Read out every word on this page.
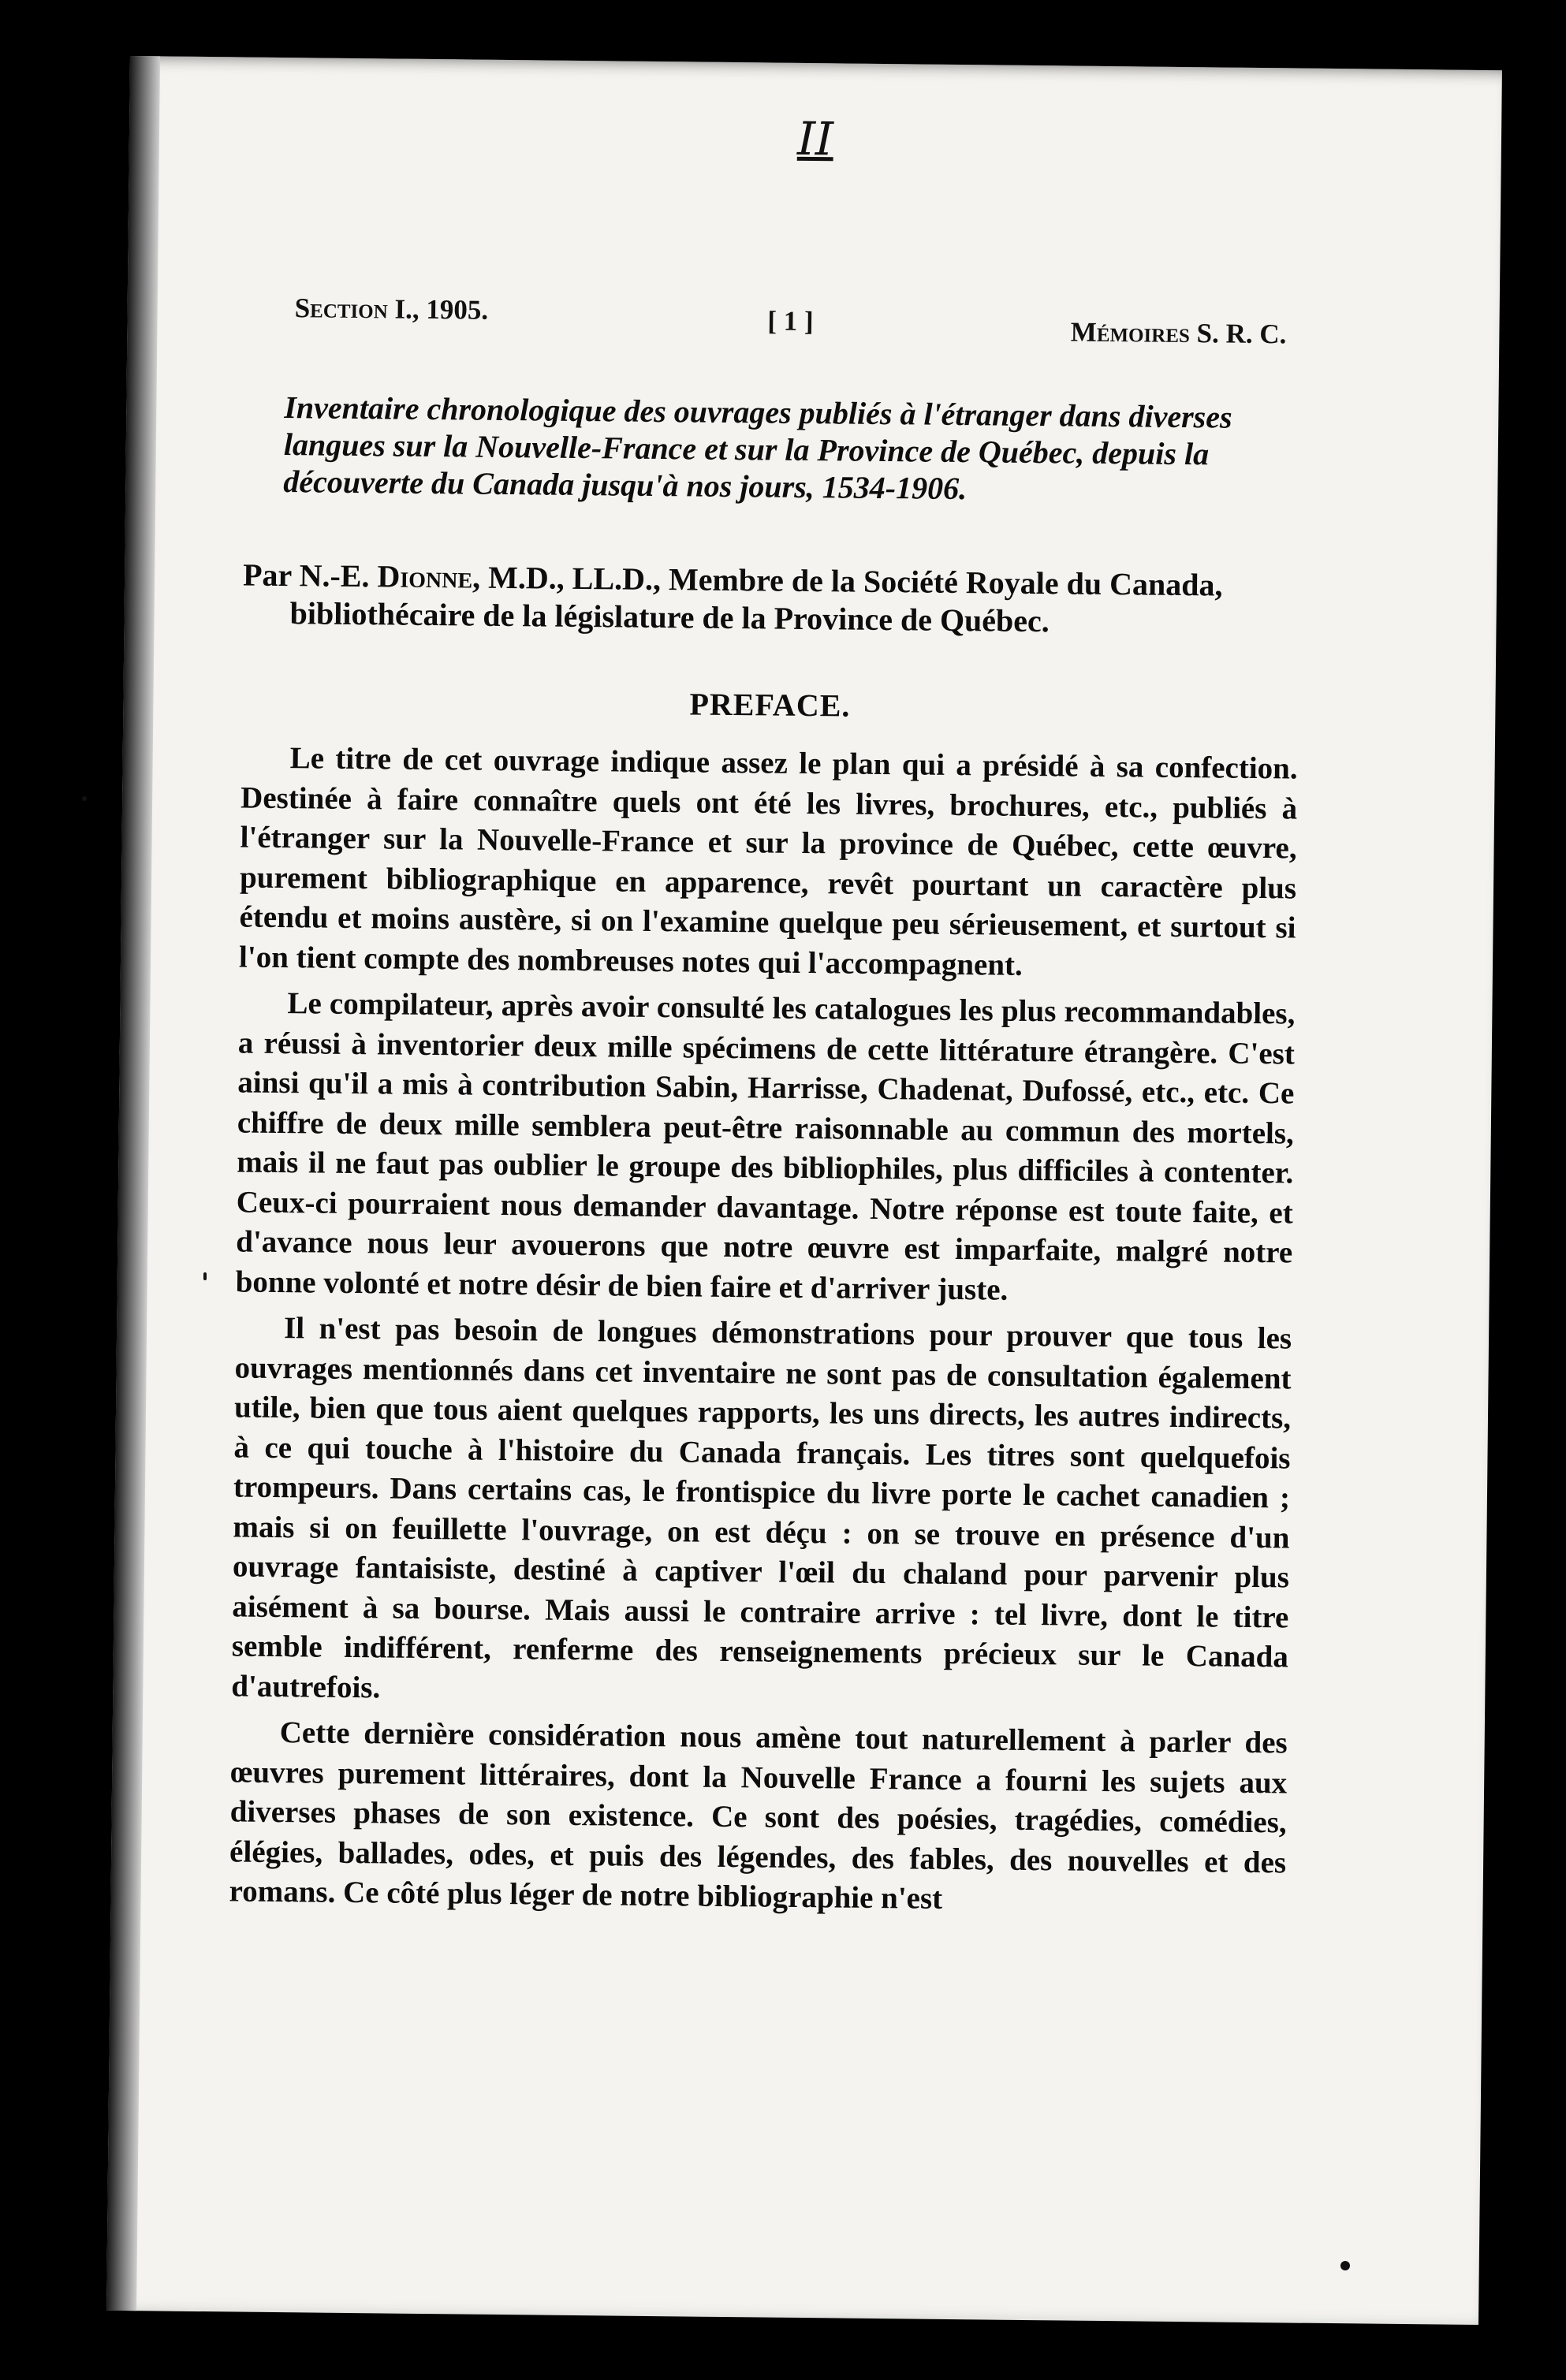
II
Section I., 1905.	[ 1 ]	Mémoires S. R. C.
Inventaire chronologique des ouvrages publiés à l'étranger dans diverses langues sur la Nouvelle-France et sur la Province de Québec, depuis la découverte du Canada jusqu'à nos jours, 1534-1906.
Par N.-E. Dionne, M.D., LL.D., Membre de la Société Royale du Canada, bibliothécaire de la législature de la Province de Québec.
PREFACE.

Le titre de cet ouvrage indique assez le plan qui a présidé à sa confection. Destinée à faire connaître quels ont été les livres, brochures, etc., publiés à l'étranger sur la Nouvelle-France et sur la province de Québec, cette œuvre, purement bibliographique en apparence, revêt pourtant un caractère plus étendu et moins austère, si on l'examine quelque peu sérieusement, et surtout si l'on tient compte des nombreuses notes qui l'accompagnent.

Le compilateur, après avoir consulté les catalogues les plus recommandables, a réussi à inventorier deux mille spécimens de cette littérature étrangère. C'est ainsi qu'il a mis à contribution Sabin, Harrisse, Chadenat, Dufossé, etc., etc. Ce chiffre de deux mille semblera peut-être raisonnable au commun des mortels, mais il ne faut pas oublier le groupe des bibliophiles, plus difficiles à contenter. Ceux-ci pourraient nous demander davantage. Notre réponse est toute faite, et d'avance nous leur avouerons que notre œuvre est imparfaite, malgré notre bonne volonté et notre désir de bien faire et d'arriver juste.

Il n'est pas besoin de longues démonstrations pour prouver que tous les ouvrages mentionnés dans cet inventaire ne sont pas de consultation également utile, bien que tous aient quelques rapports, les uns directs, les autres indirects, à ce qui touche à l'histoire du Canada français. Les titres sont quelquefois trompeurs. Dans certains cas, le frontispice du livre porte le cachet canadien ; mais si on feuillette l'ouvrage, on est déçu : on se trouve en présence d'un ouvrage fantaisiste, destiné à captiver l'œil du chaland pour parvenir plus aisément à sa bourse. Mais aussi le contraire arrive : tel livre, dont le titre semble indifférent, renferme des renseignements précieux sur le Canada d'autrefois.

Cette dernière considération nous amène tout naturellement à parler des œuvres purement littéraires, dont la Nouvelle France a fourni les sujets aux diverses phases de son existence. Ce sont des poésies, tragédies, comédies, élégies, ballades, odes, et puis des légendes, des fables, des nouvelles et des romans. Ce côté plus léger de notre bibliographie n'est
